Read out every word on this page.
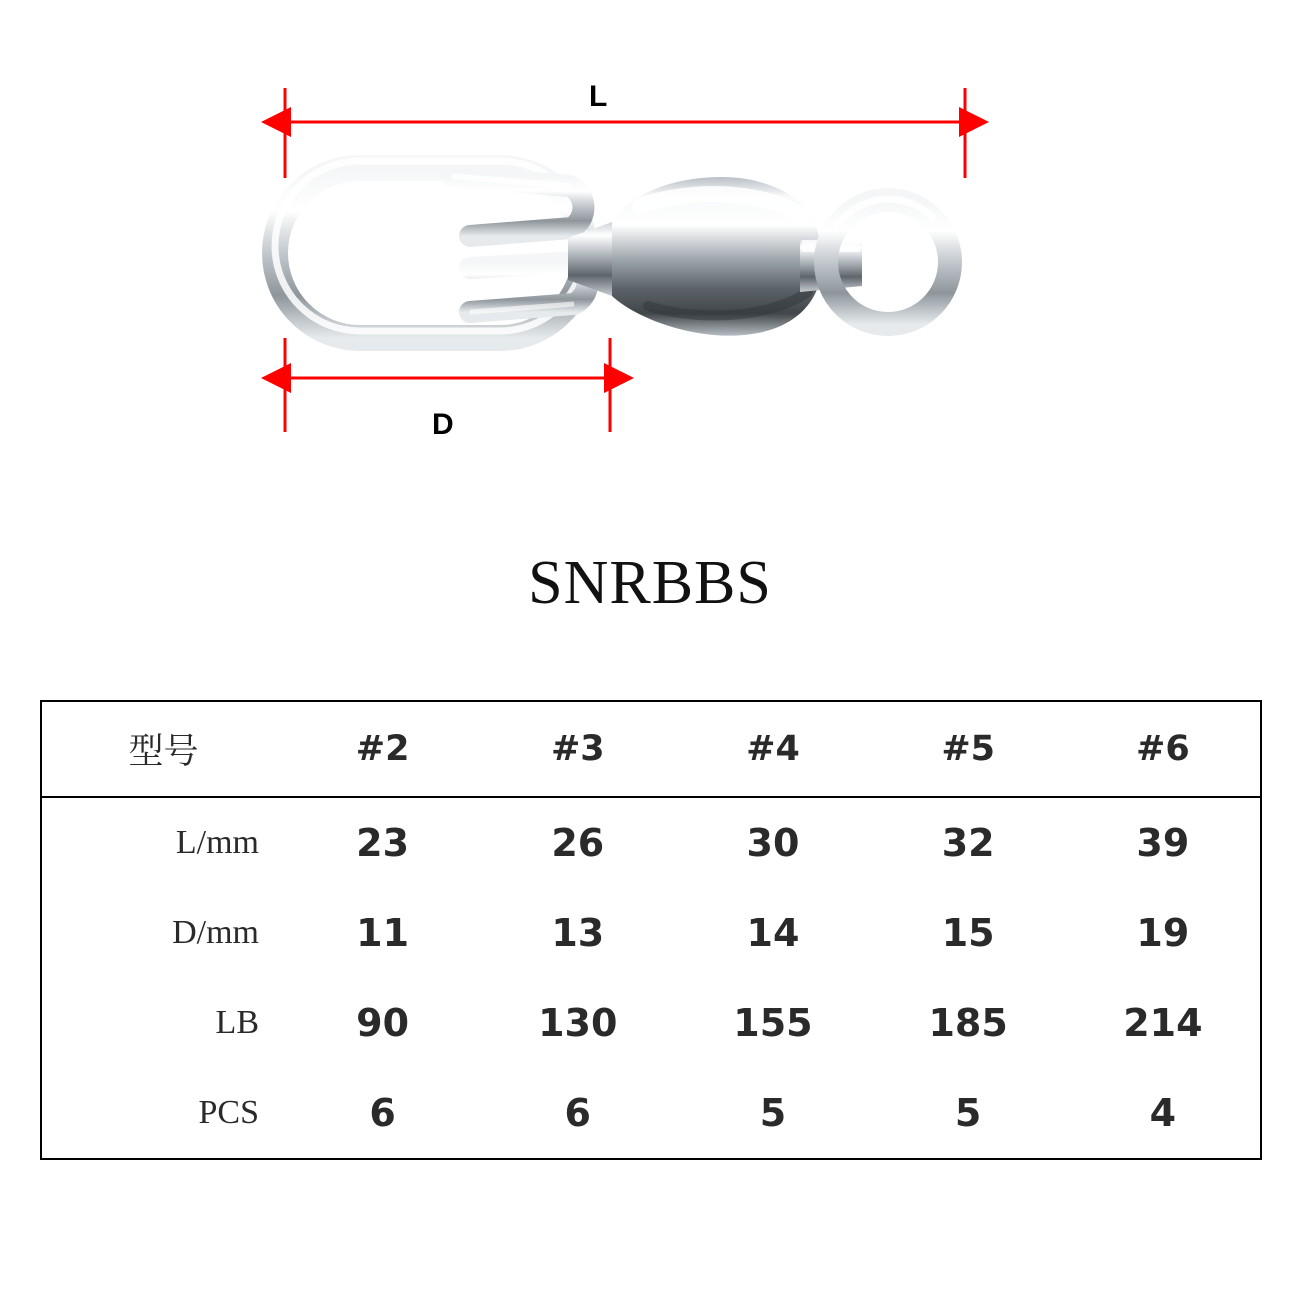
L
D
SNRBBS
型号	#2	#3	#4	#5	#6
L/mm	23	26	30	32	39
D/mm	11	13	14	15	19
LB	90	130	155	185	214
PCS	6	6	5	5	4
